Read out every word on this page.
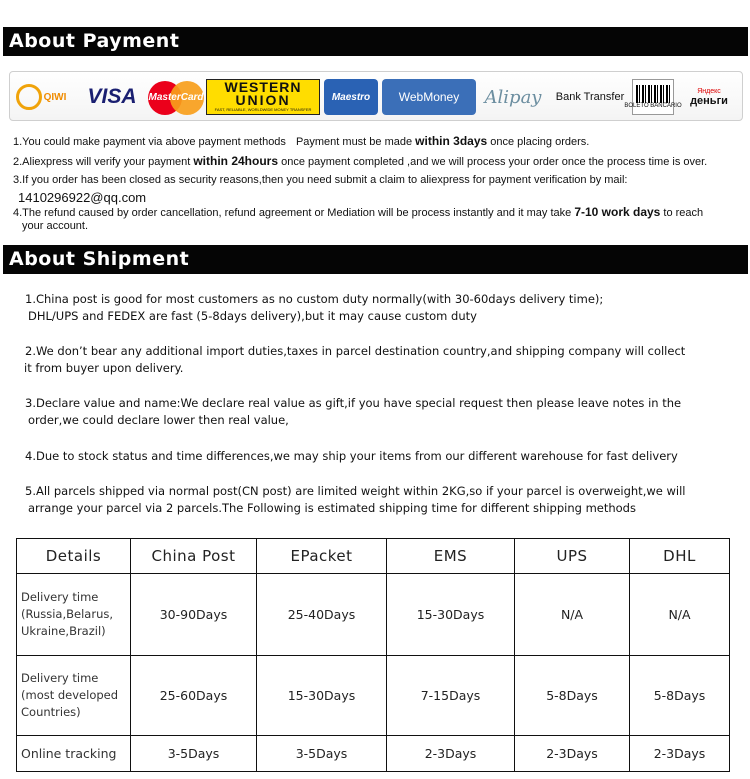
About Payment
QIWI VISA MasterCard
WESTERN
UNION
FAST, RELIABLE, WORLDWIDE MONEY TRANSFER
Maestro WebMoney Alipay Bank Transfer
BOLETO BANCÁRIO
Яндекс
деньги
1.You could make payment via above payment methods Payment must be made within 3days once placing orders.
2.Aliexpress will verify your payment within 24hours once payment completed ,and we will process your order once the process time is over.
3.If you order has been closed as security reasons,then you need submit a claim to aliexpress for payment verification by mail:
1410296922@qq.com
4.The refund caused by order cancellation, refund agreement or Mediation will be process instantly and it may take 7-10 work days to reach
your account.
About Shipment
1.China post is good for most customers as no custom duty normally(with 30-60days delivery time);
DHL/UPS and FEDEX are fast (5-8days delivery),but it may cause custom duty
2.We don’t bear any additional import duties,taxes in parcel destination country,and shipping company will collect
it from buyer upon delivery.
3.Declare value and name:We declare real value as gift,if you have special request then please leave notes in the
order,we could declare lower then real value,
4.Due to stock status and time differences,we may ship your items from our different warehouse for fast delivery
5.All parcels shipped via normal post(CN post) are limited weight within 2KG,so if your parcel is overweight,we will
arrange your parcel via 2 parcels.The Following is estimated shipping time for different shipping methods
Details	China Post	EPacket	EMS	UPS	DHL

Delivery time
(Russia,Belarus,
Ukraine,Brazil)	30-90Days	25-40Days	15-30Days	N/A	N/A

Delivery time
(most developed
Countries)	25-60Days	15-30Days	7-15Days	5-8Days	5-8Days
Online tracking	3-5Days	3-5Days	2-3Days	2-3Days	2-3Days
